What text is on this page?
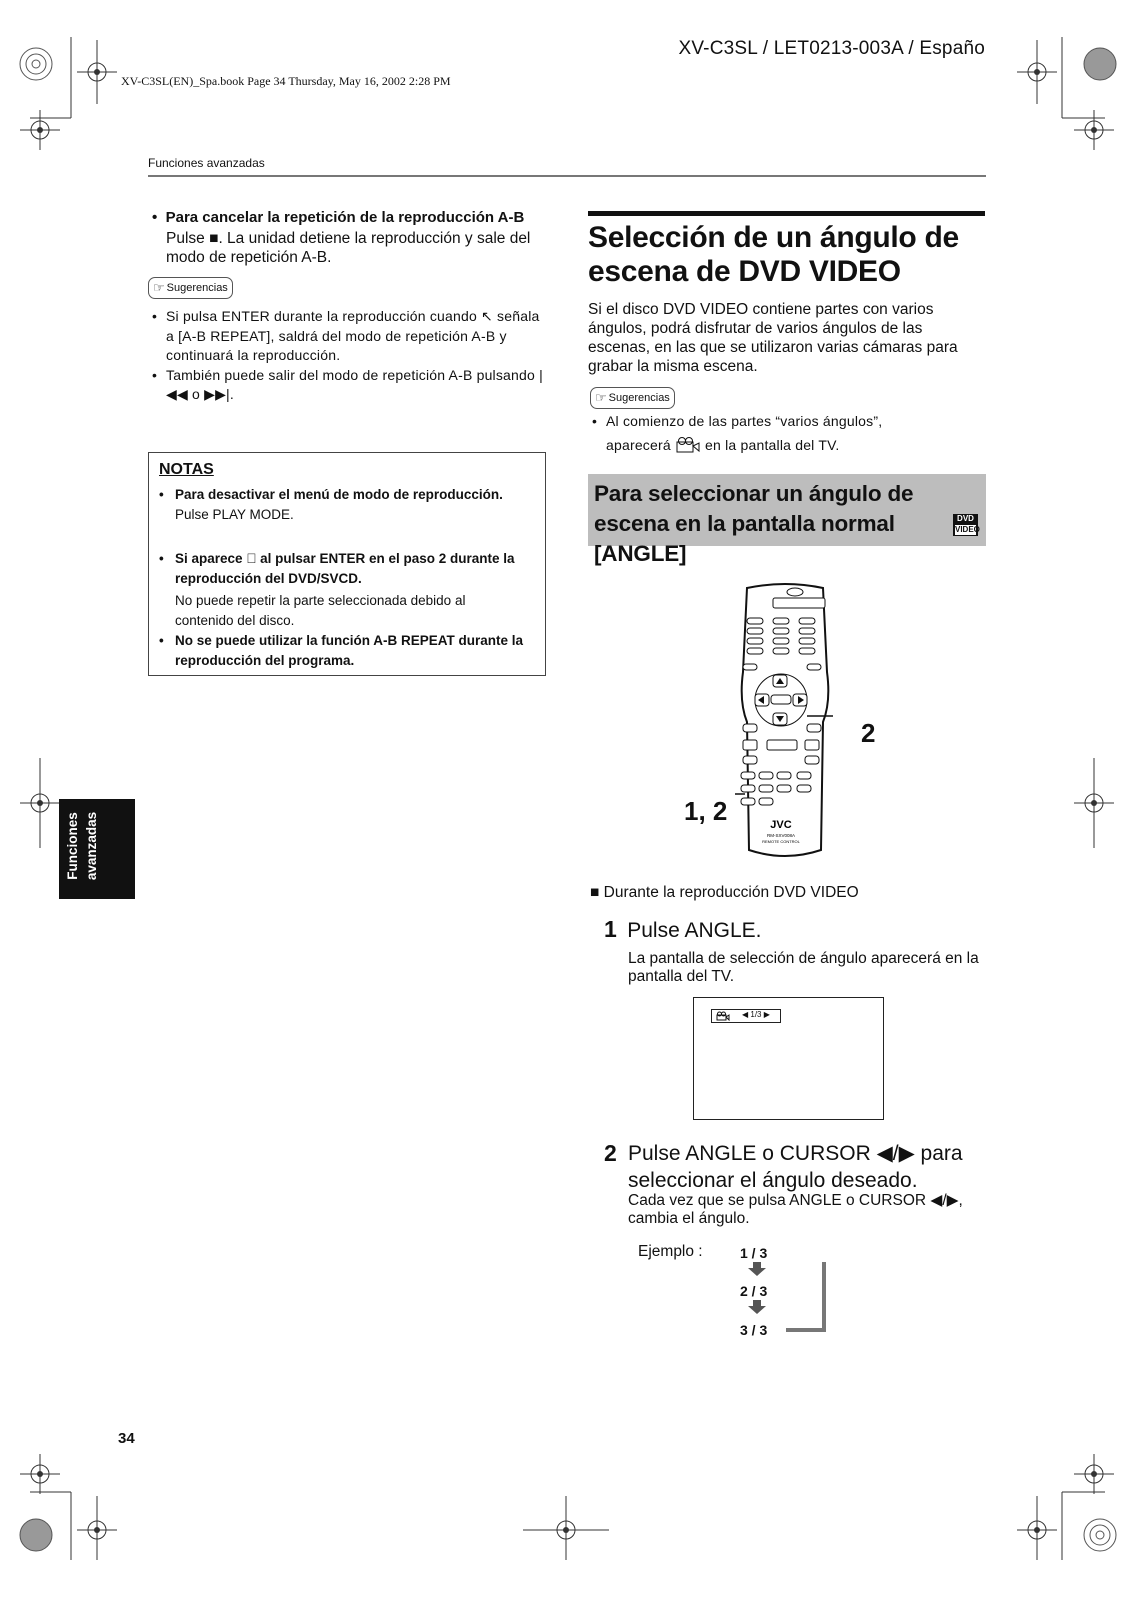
XV-C3SL / LET0213-003A / Españo
XV-C3SL(EN)_Spa.book Page 34 Thursday, May 16, 2002 2:28 PM
Funciones avanzadas
•  Para cancelar la repetición de la reproducción A-B
Pulse ■. La unidad detiene la reproducción y sale del modo de repetición A-B.
☞ Sugerencias
• Si pulsa ENTER durante la reproducción cuando ↖ señala a [A-B REPEAT], saldrá del modo de repetición A-B y continuará la reproducción.
• También puede salir del modo de repetición A-B pulsando |◀◀ o ▶▶|.
NOTAS
• Para desactivar el menú de modo de reproducción.
Pulse PLAY MODE.
• Si aparece ⃠ al pulsar ENTER en el paso 2 durante la reproducción del DVD/SVCD.
No puede repetir la parte seleccionada debido al contenido del disco.
• No se puede utilizar la función A-B REPEAT durante la reproducción del programa.
Selección de un ángulo de escena de DVD VIDEO
Si el disco DVD VIDEO contiene partes con varios ángulos, podrá disfrutar de varios ángulos de las escenas, en las que se utilizaron varias cámaras para grabar la misma escena.
☞ Sugerencias
• Al comienzo de las partes “varios ángulos”,
aparecerá en la pantalla del TV.
Para seleccionar un ángulo de escena en la pantalla normal [ANGLE]
DVD
VIDEO
JVC
RM-SXV008A
REMOTE CONTROL
2
1, 2
■ Durante la reproducción DVD VIDEO
1 Pulse ANGLE.
La pantalla de selección de ángulo aparecerá en la pantalla del TV.
◀ 1/3 ▶
2 Pulse ANGLE o CURSOR ◀/▶ para seleccionar el ángulo deseado.
Cada vez que se pulsa ANGLE o CURSOR ◀/▶, cambia el ángulo.
Ejemplo :	1 / 3
2 / 3
3 / 3
34
Funciones avanzadas
